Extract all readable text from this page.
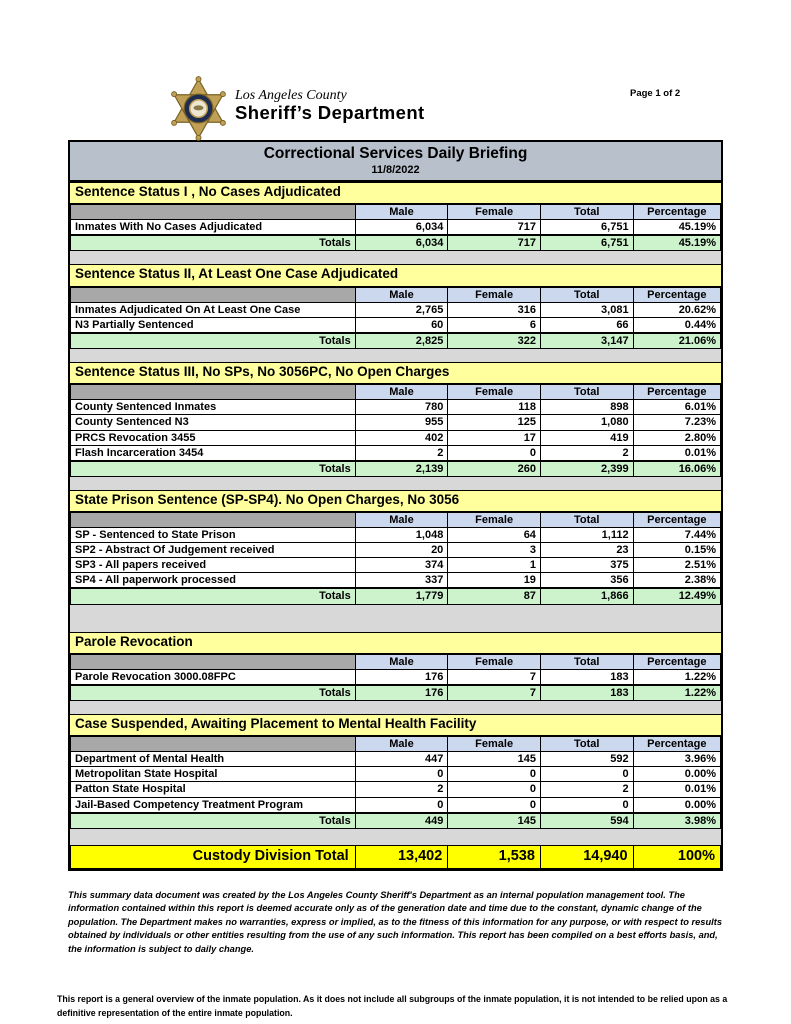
Los Angeles County
Sheriff’s Department
Page 1 of 2
Correctional Services Daily Briefing
11/8/2022
Sentence Status I , No Cases Adjudicated
	Male	Female	Total	Percentage
Inmates With No Cases Adjudicated	6,034	717	6,751	45.19%
Totals	6,034	717	6,751	45.19%
Sentence Status II, At Least One Case Adjudicated
	Male	Female	Total	Percentage
Inmates Adjudicated On At Least One Case	2,765	316	3,081	20.62%
N3 Partially Sentenced	60	6	66	0.44%
Totals	2,825	322	3,147	21.06%
Sentence Status III, No SPs, No 3056PC, No Open Charges
	Male	Female	Total	Percentage
County Sentenced Inmates	780	118	898	6.01%
County Sentenced N3	955	125	1,080	7.23%
PRCS Revocation 3455	402	17	419	2.80%
Flash Incarceration 3454	2	0	2	0.01%
Totals	2,139	260	2,399	16.06%
State Prison Sentence (SP-SP4). No Open Charges, No 3056
	Male	Female	Total	Percentage
SP - Sentenced to State Prison	1,048	64	1,112	7.44%
SP2 - Abstract Of Judgement received	20	3	23	0.15%
SP3 - All papers received	374	1	375	2.51%
SP4 - All paperwork processed	337	19	356	2.38%
Totals	1,779	87	1,866	12.49%
Parole Revocation
	Male	Female	Total	Percentage
Parole Revocation 3000.08FPC	176	7	183	1.22%
Totals	176	7	183	1.22%
Case Suspended, Awaiting Placement to Mental Health Facility
	Male	Female	Total	Percentage
Department of Mental Health	447	145	592	3.96%
Metropolitan State Hospital	0	0	0	0.00%
Patton State Hospital	2	0	2	0.01%
Jail-Based Competency Treatment Program	0	0	0	0.00%
Totals	449	145	594	3.98%
Custody Division Total	13,402	1,538	14,940	100%

This summary data document was created by the Los Angeles County Sheriff's Department as an internal population management tool. The information contained within this report is deemed accurate only as of the generation date and time due to the constant, dynamic change of the population. The Department makes no warranties, express or implied, as to the fitness of this information for any purpose, or with respect to results obtained by individuals or other entities resulting from the use of any such information. This report has been compiled on a best efforts basis, and, the information is subject to daily change.

This report is a general overview of the inmate population. As it does not include all subgroups of the inmate population, it is not intended to be relied upon as a definitive representation of the entire inmate population.
